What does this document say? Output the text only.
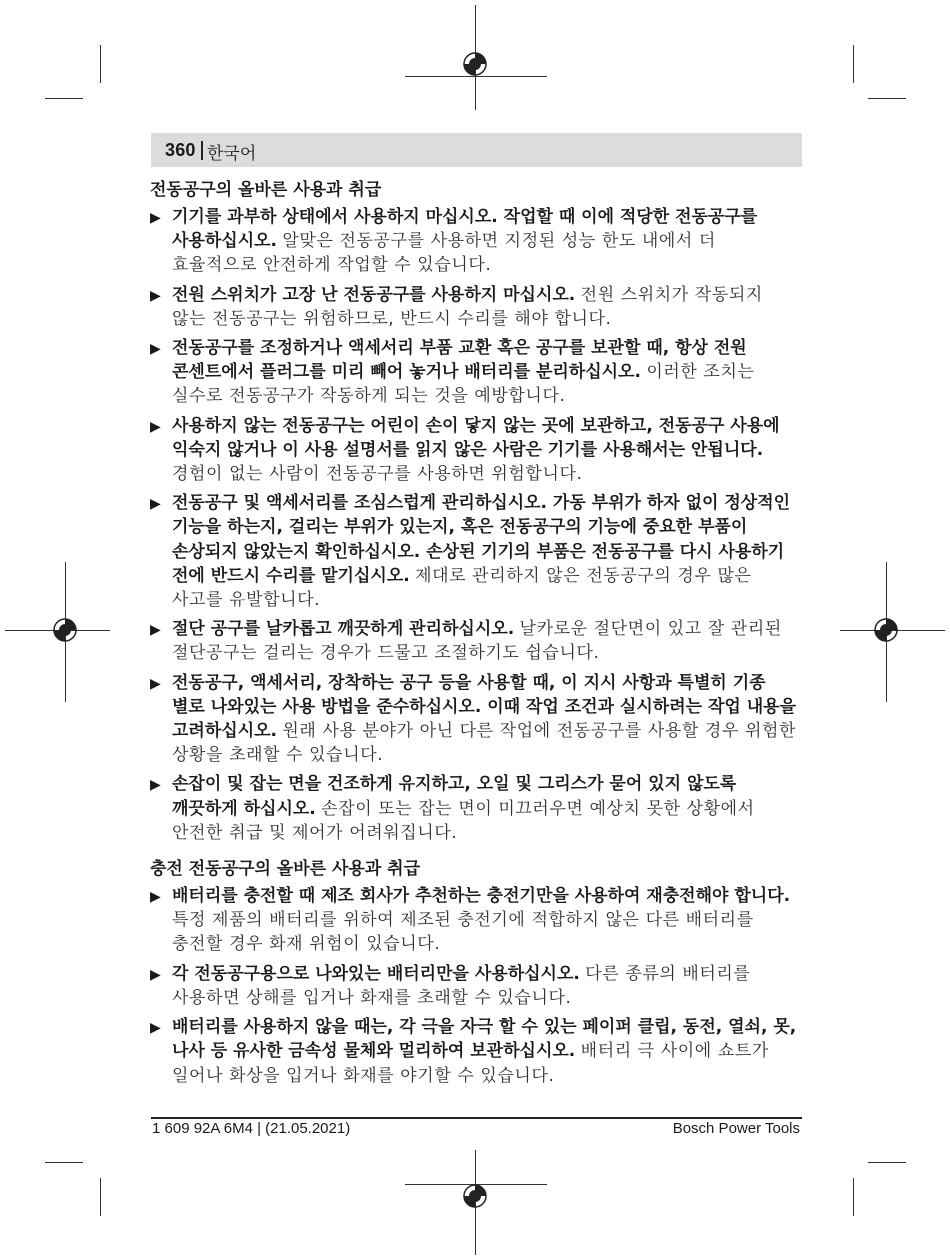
360 한국어
전동공구의 올바른 사용과 취급
▶ 기기를 과부하 상태에서 사용하지 마십시오. 작업할 때 이에 적당한 전동공구를 사용하십시오. 알맞은 전동공구를 사용하면 지정된 성능 한도 내에서 더 효율적으로 안전하게 작업할 수 있습니다.
▶ 전원 스위치가 고장 난 전동공구를 사용하지 마십시오. 전원 스위치가 작동되지 않는 전동공구는 위험하므로, 반드시 수리를 해야 합니다.
▶ 전동공구를 조정하거나 액세서리 부품 교환 혹은 공구를 보관할 때, 항상 전원 콘센트에서 플러그를 미리 빼어 놓거나 배터리를 분리하십시오. 이러한 조치는 실수로 전동공구가 작동하게 되는 것을 예방합니다.
▶ 사용하지 않는 전동공구는 어린이 손이 닿지 않는 곳에 보관하고, 전동공구 사용에 익숙지 않거나 이 사용 설명서를 읽지 않은 사람은 기기를 사용해서는 안됩니다. 경험이 없는 사람이 전동공구를 사용하면 위험합니다.
▶ 전동공구 및 액세서리를 조심스럽게 관리하십시오. 가동 부위가 하자 없이 정상적인 기능을 하는지, 걸리는 부위가 있는지, 혹은 전동공구의 기능에 중요한 부품이 손상되지 않았는지 확인하십시오. 손상된 기기의 부품은 전동공구를 다시 사용하기 전에 반드시 수리를 맡기십시오. 제대로 관리하지 않은 전동공구의 경우 많은 사고를 유발합니다.
▶ 절단 공구를 날카롭고 깨끗하게 관리하십시오. 날카로운 절단면이 있고 잘 관리된 절단공구는 걸리는 경우가 드물고 조절하기도 쉽습니다.
▶ 전동공구, 액세서리, 장착하는 공구 등을 사용할 때, 이 지시 사항과 특별히 기종 별로 나와있는 사용 방법을 준수하십시오. 이때 작업 조건과 실시하려는 작업 내용을 고려하십시오. 원래 사용 분야가 아닌 다른 작업에 전동공구를 사용할 경우 위험한 상황을 초래할 수 있습니다.
▶ 손잡이 및 잡는 면을 건조하게 유지하고, 오일 및 그리스가 묻어 있지 않도록 깨끗하게 하십시오. 손잡이 또는 잡는 면이 미끄러우면 예상치 못한 상황에서 안전한 취급 및 제어가 어려워집니다.
충전 전동공구의 올바른 사용과 취급
▶ 배터리를 충전할 때 제조 회사가 추천하는 충전기만을 사용하여 재충전해야 합니다. 특정 제품의 배터리를 위하여 제조된 충전기에 적합하지 않은 다른 배터리를 충전할 경우 화재 위험이 있습니다.
▶ 각 전동공구용으로 나와있는 배터리만을 사용하십시오. 다른 종류의 배터리를 사용하면 상해를 입거나 화재를 초래할 수 있습니다.
▶ 배터리를 사용하지 않을 때는, 각 극을 자극 할 수 있는 페이퍼 클립, 동전, 열쇠, 못, 나사 등 유사한 금속성 물체와 멀리하여 보관하십시오. 배터리 극 사이에 쇼트가 일어나 화상을 입거나 화재를 야기할 수 있습니다.
1 609 92A 6M4 | (21.05.2021)	Bosch Power Tools
